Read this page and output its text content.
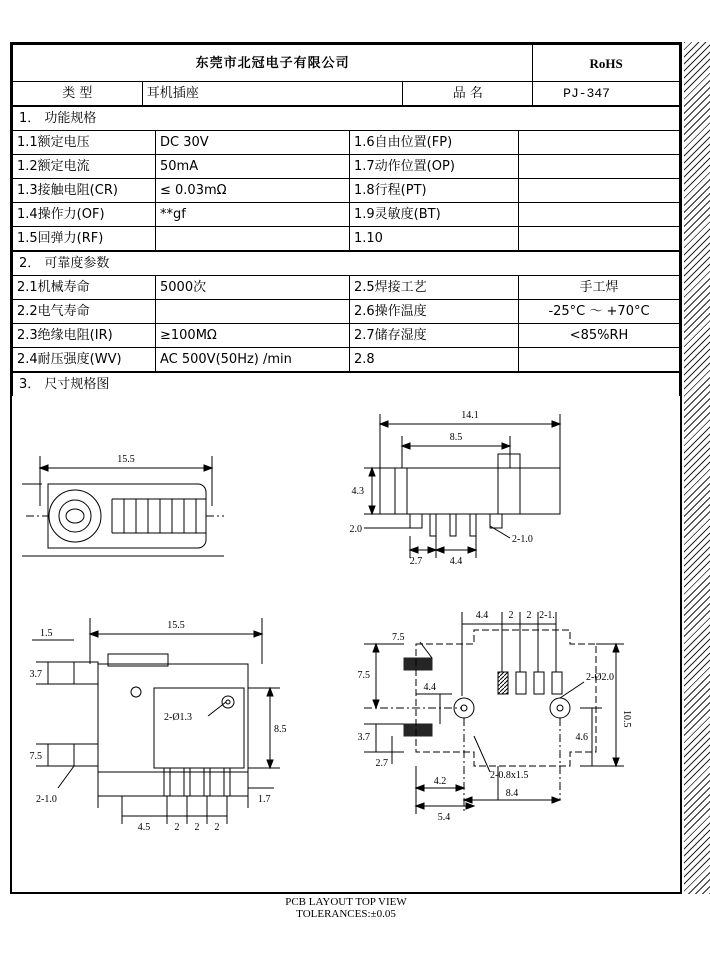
东莞市北冠电子有限公司			RoHS
类 型	耳机插座	品 名	PJ-347
1． 功能规格			
1.1额定电压	DC 30V	1.6自由位置(FP)	
1.2额定电流	50mA	1.7动作位置(OP)	
1.3接触电阻(CR)	≤ 0.03mΩ	1.8行程(PT)	
1.4操作力(OF)	**gf	1.9灵敏度(BT)	
1.5回弹力(RF)		1.10	
2． 可靠度参数			
2.1机械寿命	5000次	2.5焊接工艺	手工焊
2.2电气寿命		2.6操作温度	-25°C ～ +70°C
2.3绝缘电阻(IR)	≥100MΩ	2.7储存湿度	<85%RH
2.4耐压强度(WV)	AC 500V(50Hz) /min	2.8	
3． 尺寸规格图
15.5
14.1
8.5
4.3
2.0
2.7	4.4
2-1.0
15.5
1.5
3.7
7.5
8.5
1.7
2-Ø1.3
2-1.0
4.5 2 2 2
4.4 2 2 2-1.
7.5
7.5
4.4
3.7
2.7
4.2
5.4
8.4
2-Ø2.0
10.5
4.6
2-0.8x1.5
PCB LAYOUT TOP VIEW
TOLERANCES:±0.05
